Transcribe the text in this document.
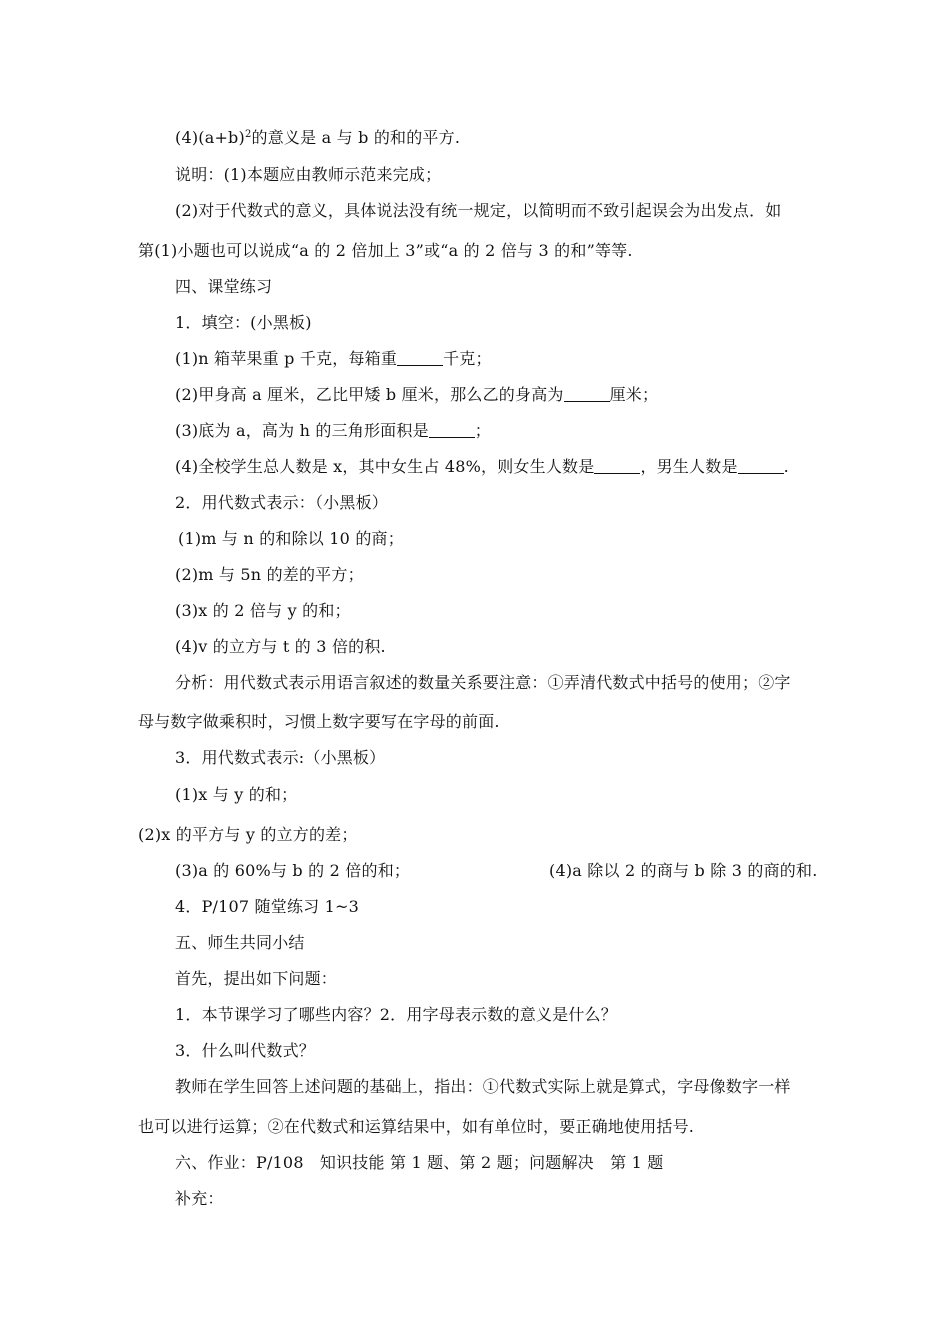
$(4)(a+b)^2$的意义是 a 与 b 的和的平方.
说明：(1)本题应由教师示范来完成；
(2)对于代数式的意义，具体说法没有统一规定，以简明而不致引起误会为出发点．如
第(1)小题也可以说成“a 的 2 倍加上 3”或“a 的 2 倍与 3 的和”等等.
四、课堂练习
1．填空：(小黑板)
(1)n 箱苹果重 p 千克，每箱重	千克；
(2)甲身高 a 厘米，乙比甲矮 b 厘米，那么乙的身高为	厘米；
(3)底为 a，高为 h 的三角形面积是	；
(4)全校学生总人数是 x，其中女生占 48%，则女生人数是	，男生人数是	.
2．用代数式表示：（小黑板）
(1)m 与 n 的和除以 10 的商；
(2)m 与 5n 的差的平方；
(3)x 的 2 倍与 y 的和；
(4)v 的立方与 t 的 3 倍的积.
分析：用代数式表示用语言叙述的数量关系要注意：①弄清代数式中括号的使用；②字
母与数字做乘积时，习惯上数字要写在字母的前面.
3．用代数式表示:（小黑板）
(1)x 与 y 的和；
(2)x 的平方与 y 的立方的差；
(3)a 的 60%与 b 的 2 倍的和；	(4)a 除以 2 的商与 b 除 3 的商的和.
4．P/107 随堂练习 1~3
五、师生共同小结
首先，提出如下问题：
1．本节课学习了哪些内容？2．用字母表示数的意义是什么？
3．什么叫代数式？
教师在学生回答上述问题的基础上，指出：①代数式实际上就是算式，字母像数字一样
也可以进行运算；②在代数式和运算结果中，如有单位时，要正确地使用括号.
六、作业：P/108　知识技能 第 1 题、第 2 题；问题解决　第 1 题
补充：
